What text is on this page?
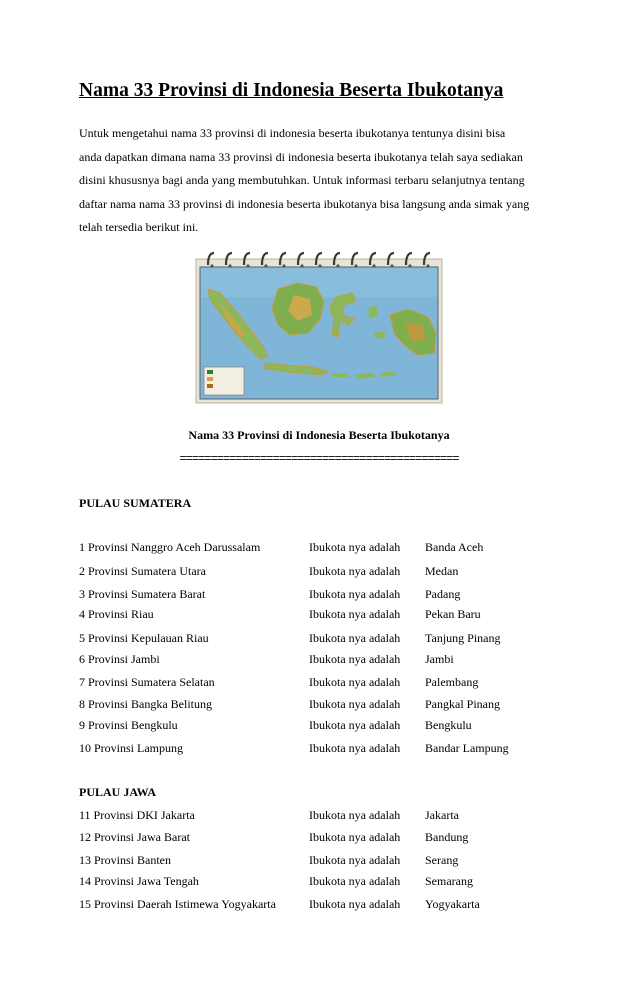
Nama 33 Provinsi di Indonesia Beserta Ibukotanya
Untuk mengetahui nama 33 provinsi di indonesia beserta ibukotanya tentunya disini bisa
anda dapatkan dimana nama 33 provinsi di indonesia beserta ibukotanya telah saya sediakan
disini khususnya bagi anda yang membutuhkan. Untuk informasi terbaru selanjutnya tentang
daftar nama nama 33 provinsi di indonesia beserta ibukotanya bisa langsung anda simak yang
telah tersedia berikut ini.
Nama 33 Provinsi di Indonesia Beserta Ibukotanya
=============================================
PULAU SUMATERA
1 Provinsi Nanggro Aceh Darussalam	Ibukota nya adalah Banda Aceh
2 Provinsi Sumatera Utara	Ibukota nya adalah Medan
3 Provinsi Sumatera Barat	Ibukota nya adalah Padang
4 Provinsi Riau	Ibukota nya adalah Pekan Baru
5 Provinsi Kepulauan Riau	Ibukota nya adalah Tanjung Pinang
6 Provinsi Jambi	Ibukota nya adalah Jambi
7 Provinsi Sumatera Selatan	Ibukota nya adalah Palembang
8 Provinsi Bangka Belitung	Ibukota nya adalah Pangkal Pinang
9 Provinsi Bengkulu	Ibukota nya adalah Bengkulu
10 Provinsi Lampung	Ibukota nya adalah Bandar Lampung
PULAU JAWA
11 Provinsi DKI Jakarta	Ibukota nya adalah Jakarta
12 Provinsi Jawa Barat	Ibukota nya adalah Bandung
13 Provinsi Banten	Ibukota nya adalah Serang
14 Provinsi Jawa Tengah	Ibukota nya adalah Semarang
15 Provinsi Daerah Istimewa Yogyakarta	Ibukota nya adalah Yogyakarta
